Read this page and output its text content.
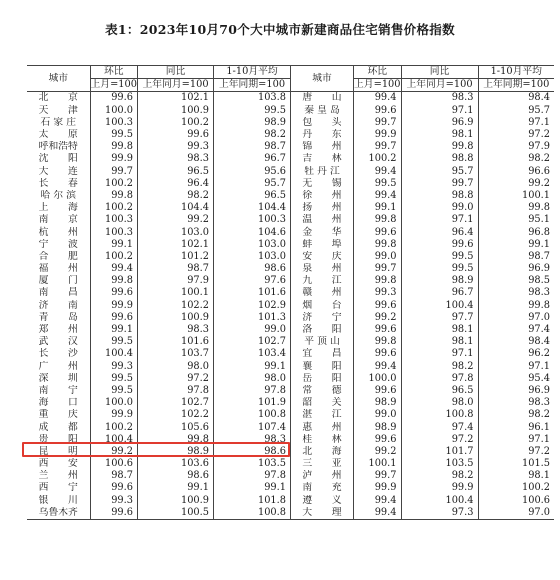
表1：2023年10月70个大中城市新建商品住宅销售价格指数
城市	环比	同比	1-10月平均	城市	环比	同比	1-10月平均
	上月=100	上年同月=100	上年同期=100		上月=100	上年同月=100	上年同期=100
北　　京	99.6	102.1	103.8	唐　　山	99.4	98.3	98.4
天　　津	100.0	100.9	99.5	秦 皇 岛	99.6	97.1	95.7
石 家 庄	100.3	100.2	98.9	包　　头	99.7	96.9	97.1
太　　原	99.5	99.6	98.2	丹　　东	99.9	98.1	97.2
呼和浩特	99.8	99.3	98.7	锦　　州	99.7	99.8	97.9
沈　　阳	99.9	98.3	96.7	吉　　林	100.2	98.8	98.2
大　　连	99.7	96.5	95.6	牡 丹 江	99.4	95.7	96.6
长　　春	100.2	96.4	95.7	无　　锡	99.5	99.7	99.2
哈 尔 滨	99.8	98.2	96.5	徐　　州	99.4	98.8	100.1
上　　海	100.2	104.4	104.4	扬　　州	99.1	99.0	99.8
南　　京	100.3	99.2	100.3	温　　州	99.8	97.1	95.1
杭　　州	100.3	103.0	104.6	金　　华	99.6	96.4	96.8
宁　　波	99.1	102.1	103.0	蚌　　埠	99.8	99.6	99.1
合　　肥	100.2	101.2	103.0	安　　庆	99.0	99.5	98.7
福　　州	99.4	98.7	98.6	泉　　州	99.7	99.5	96.9
厦　　门	99.8	97.9	97.6	九　　江	99.8	98.9	98.5
南　　昌	99.6	100.1	101.6	赣　　州	99.3	96.7	98.3
济　　南	99.9	102.2	102.9	烟　　台	99.6	100.4	99.8
青　　岛	99.6	100.9	101.3	济　　宁	99.2	97.7	97.0
郑　　州	99.1	98.3	99.0	洛　　阳	99.6	98.1	97.4
武　　汉	99.5	101.6	102.7	平 顶 山	99.8	98.1	98.4
长　　沙	100.4	103.7	103.4	宜　　昌	99.6	97.1	96.2
广　　州	99.3	98.0	99.1	襄　　阳	99.4	98.2	97.1
深　　圳	99.5	97.2	98.0	岳　　阳	100.0	97.8	95.4
南　　宁	99.5	97.8	97.8	常　　德	99.6	96.5	96.9
海　　口	100.0	102.7	101.9	韶　　关	98.9	98.0	98.3
重　　庆	99.9	102.2	100.8	湛　　江	99.0	100.8	98.2
成　　都	100.2	105.6	107.4	惠　　州	98.9	97.4	96.1
贵　　阳	100.4	99.8	98.3	桂　　林	99.6	97.2	97.1
昆　　明	99.2	98.9	98.6	北　　海	99.2	101.7	97.2
西　　安	100.6	103.6	103.5	三　　亚	100.1	103.5	101.5
兰　　州	98.7	98.6	97.8	泸　　州	99.7	98.2	98.1
西　　宁	99.6	99.1	99.1	南　　充	99.9	99.9	100.2
银　　川	99.3	100.9	101.8	遵　　义	99.4	100.4	100.6
乌鲁木齐	99.6	100.5	100.8	大　　理	99.4	97.3	97.0
